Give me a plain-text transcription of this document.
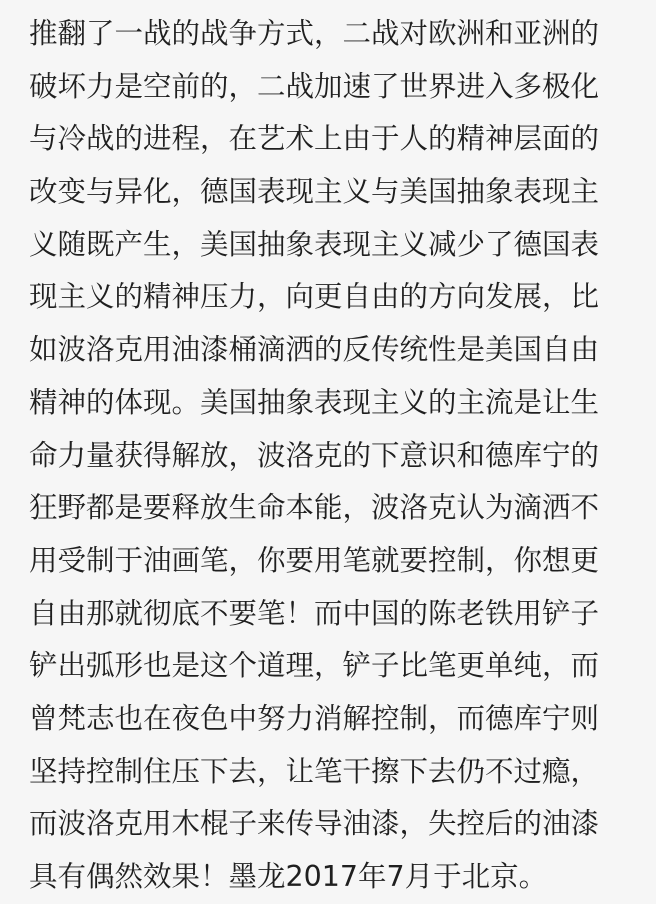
推翻了一战的战争方式，二战对欧洲和亚洲的
破坏力是空前的，二战加速了世界进入多极化
与冷战的进程，在艺术上由于人的精神层面的
改变与异化，德国表现主义与美国抽象表现主
义随既产生，美国抽象表现主义减少了德国表
现主义的精神压力，向更自由的方向发展，比
如波洛克用油漆桶滴洒的反传统性是美国自由
精神的体现。美国抽象表现主义的主流是让生
命力量获得解放，波洛克的下意识和德库宁的
狂野都是要释放生命本能，波洛克认为滴洒不
用受制于油画笔，你要用笔就要控制，你想更
自由那就彻底不要笔！而中国的陈老铁用铲子
铲出弧形也是这个道理，铲子比笔更单纯，而
曾梵志也在夜色中努力消解控制，而德库宁则
坚持控制住压下去，让笔干擦下去仍不过瘾，
而波洛克用木棍子来传导油漆，失控后的油漆
具有偶然效果！墨龙2017年7月于北京。
